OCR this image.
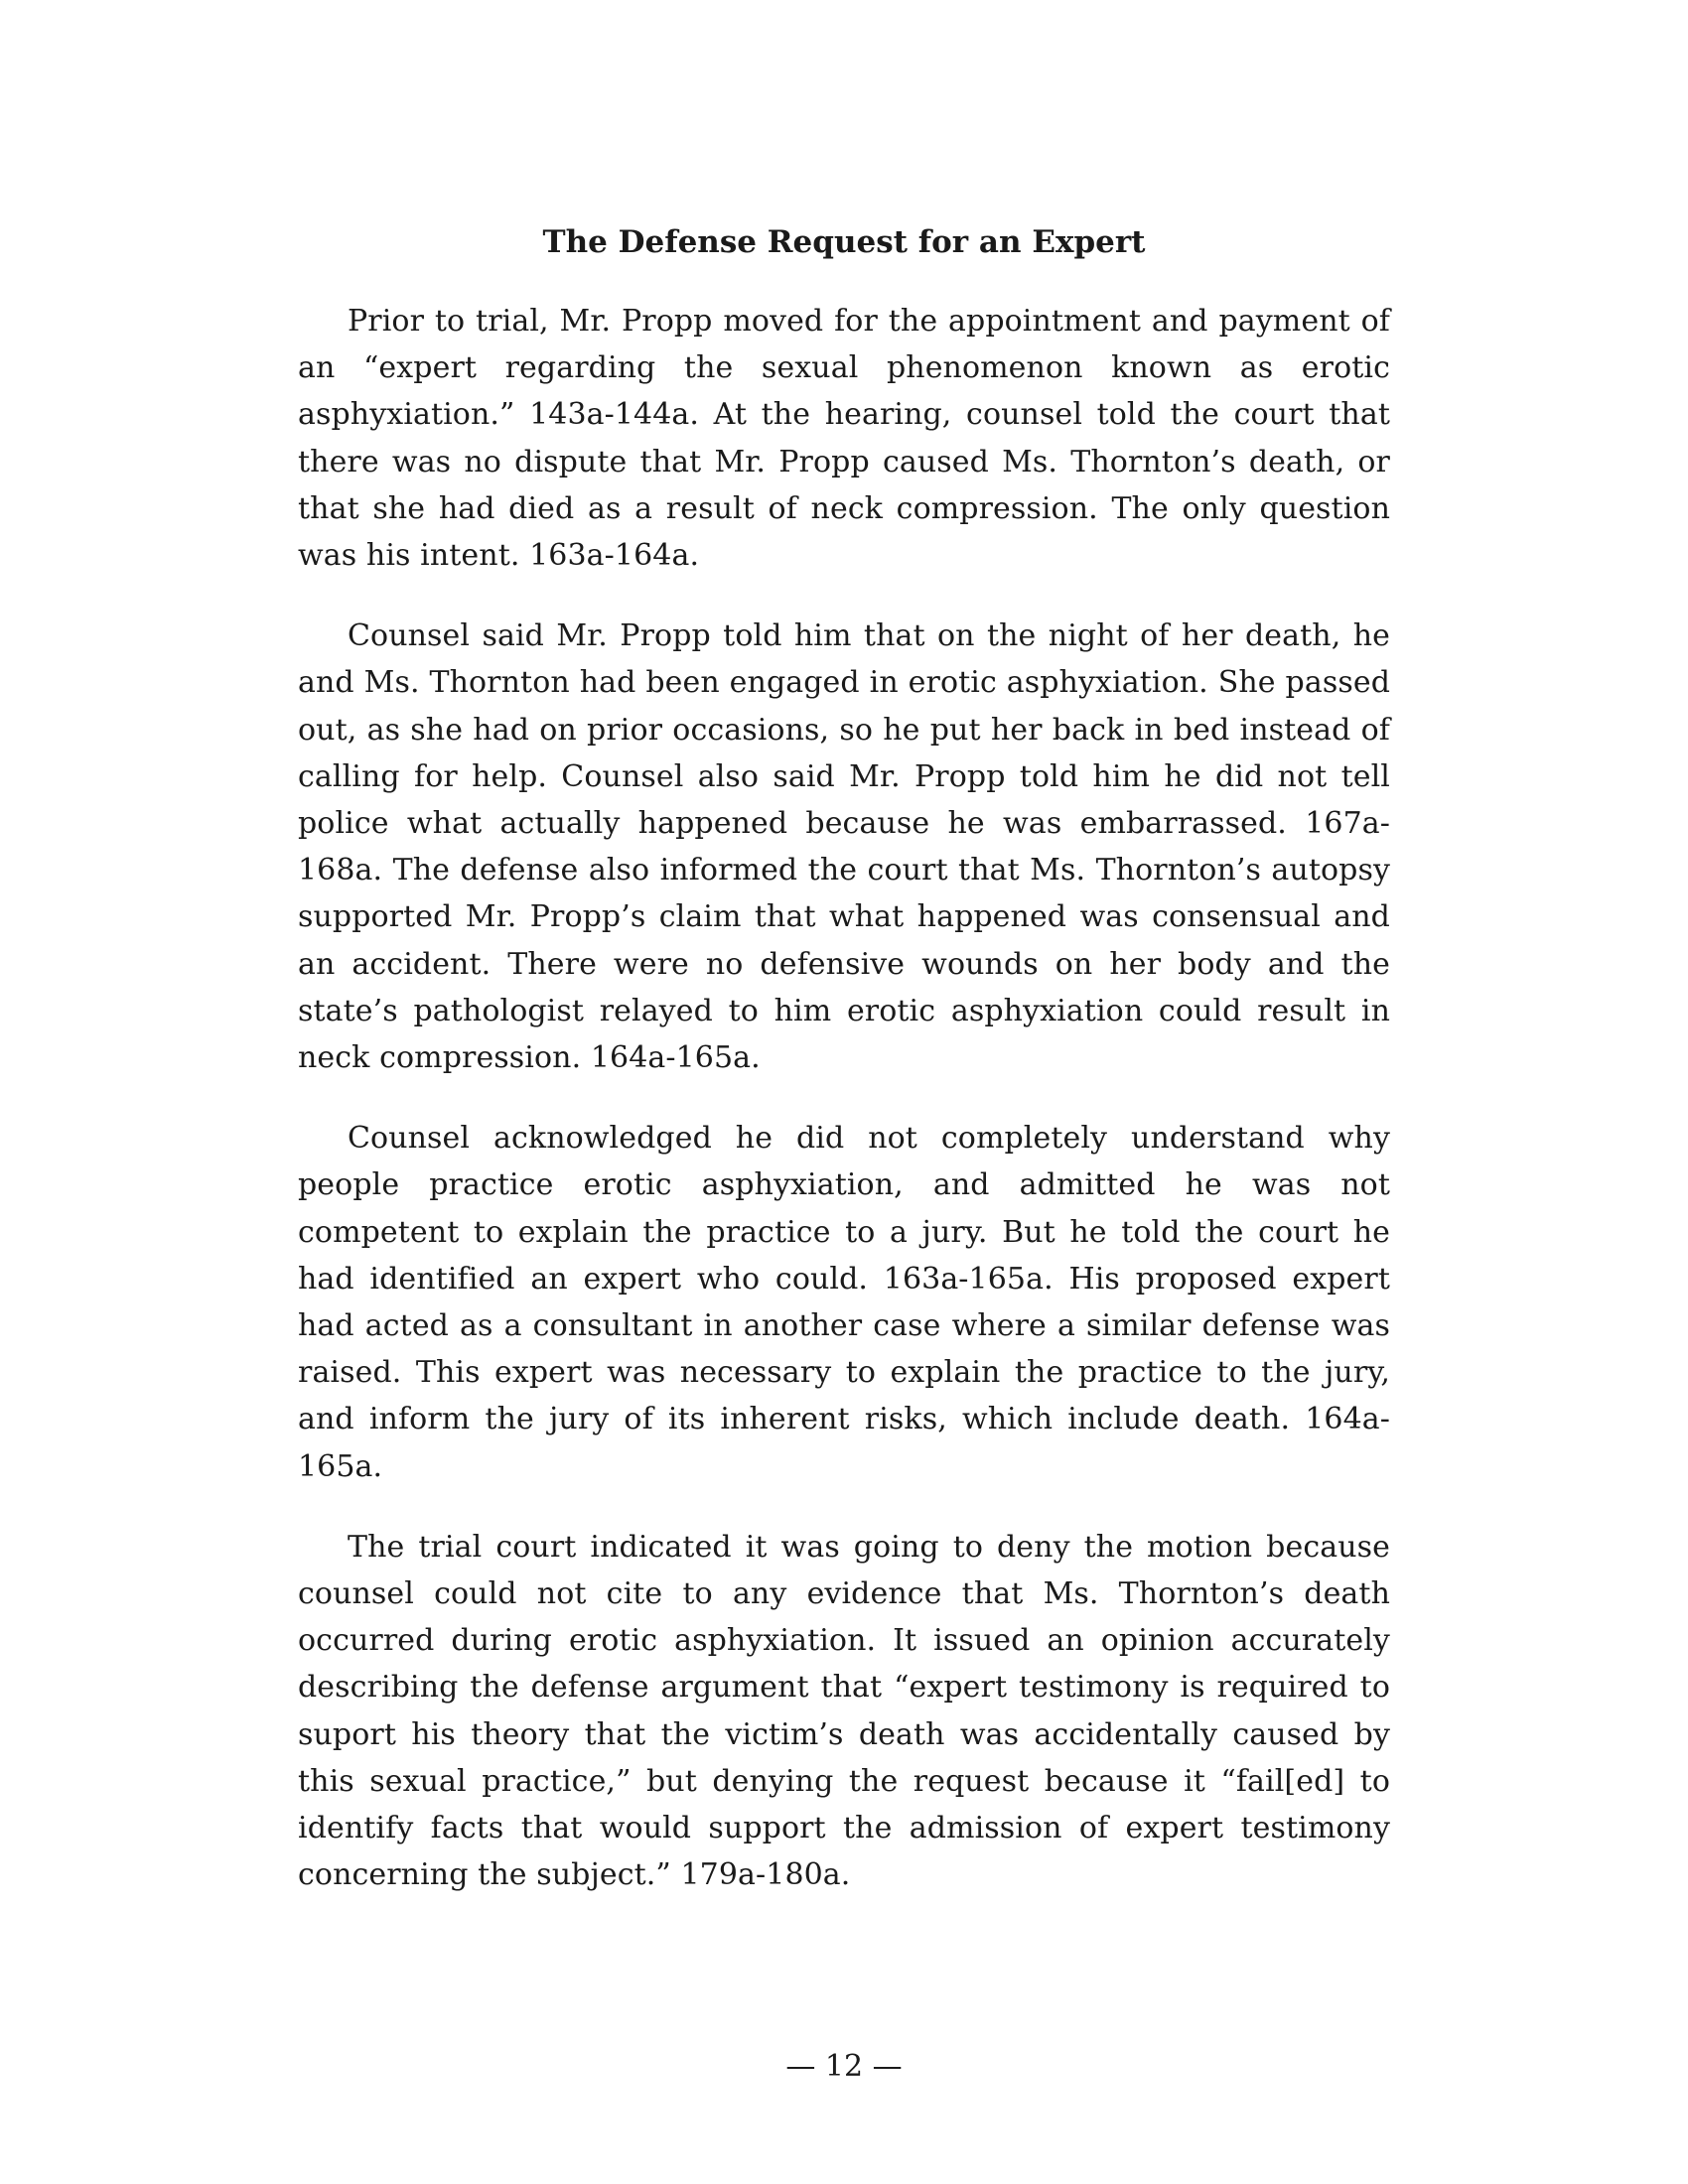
The Defense Request for an Expert

Prior to trial, Mr. Propp moved for the appointment and payment of an “expert regarding the sexual phenomenon known as erotic asphyxiation.” 143a-144a. At the hearing, counsel told the court that there was no dispute that Mr. Propp caused Ms. Thornton’s death, or that she had died as a result of neck compression. The only question was his intent. 163a-164a.

Counsel said Mr. Propp told him that on the night of her death, he and Ms. Thornton had been engaged in erotic asphyxiation. She passed out, as she had on prior occasions, so he put her back in bed instead of calling for help. Counsel also said Mr. Propp told him he did not tell police what actually happened because he was embarrassed. 167a-168a. The defense also informed the court that Ms. Thornton’s autopsy supported Mr. Propp’s claim that what happened was consensual and an accident. There were no defensive wounds on her body and the state’s pathologist relayed to him erotic asphyxiation could result in neck compression. 164a-165a.

Counsel acknowledged he did not completely understand why people practice erotic asphyxiation, and admitted he was not competent to explain the practice to a jury. But he told the court he had identified an expert who could. 163a-165a. His proposed expert had acted as a consultant in another case where a similar defense was raised. This expert was necessary to explain the practice to the jury, and inform the jury of its inherent risks, which include death. 164a-165a.

The trial court indicated it was going to deny the motion because counsel could not cite to any evidence that Ms. Thornton’s death occurred during erotic asphyxiation. It issued an opinion accurately describing the defense argument that “expert testimony is required to suport his theory that the victim’s death was accidentally caused by this sexual practice,” but denying the request because it “fail[ed] to identify facts that would support the admission of expert testimony concerning the subject.” 179a-180a.

— 12 —
